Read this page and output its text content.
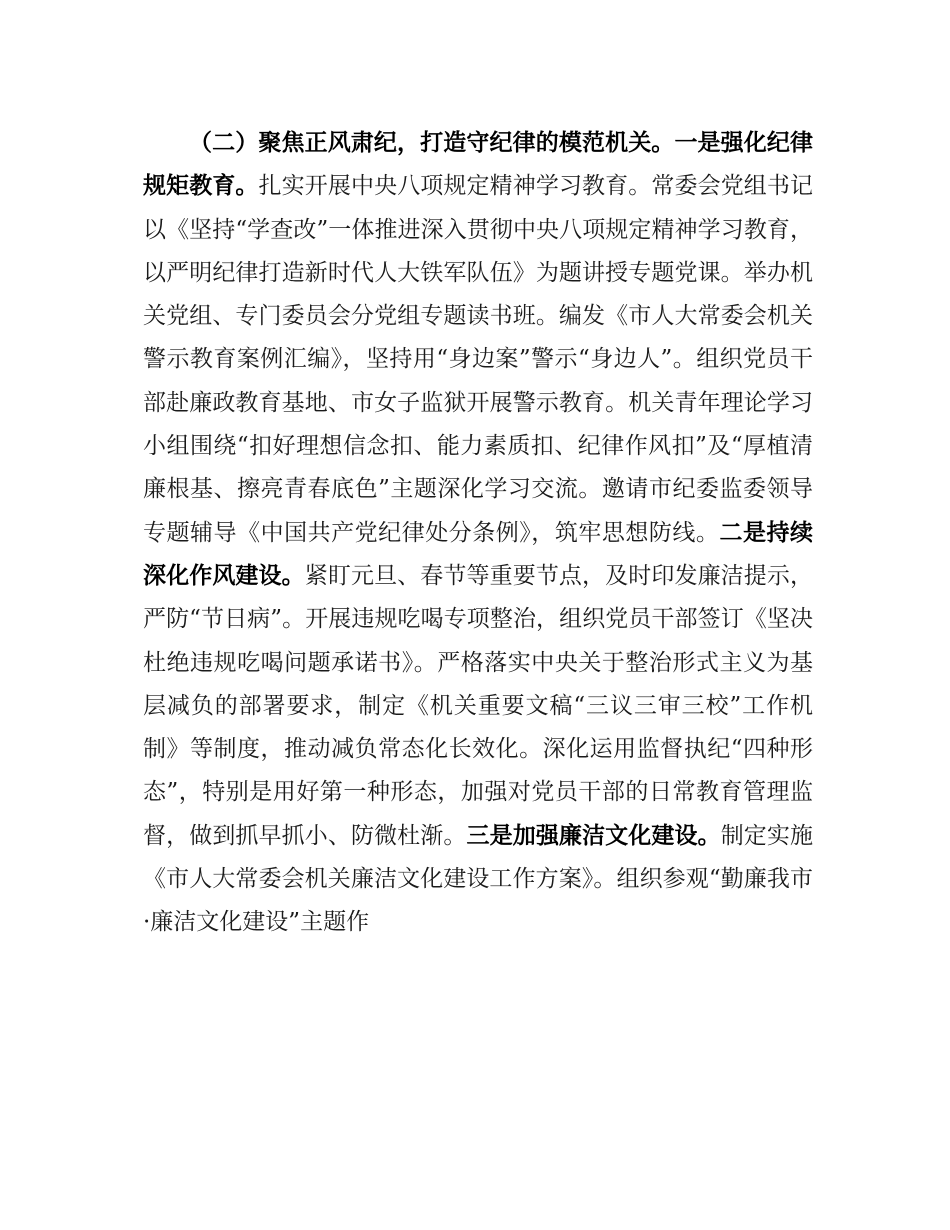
（二）聚焦正风肃纪，打造守纪律的模范机关。一是强化纪律规矩教育。扎实开展中央八项规定精神学习教育。常委会党组书记以《坚持“学查改”一体推进深入贯彻中央八项规定精神学习教育，以严明纪律打造新时代人大铁军队伍》为题讲授专题党课。举办机关党组、专门委员会分党组专题读书班。编发《市人大常委会机关警示教育案例汇编》，坚持用“身边案”警示“身边人”。组织党员干部赴廉政教育基地、市女子监狱开展警示教育。机关青年理论学习小组围绕“扣好理想信念扣、能力素质扣、纪律作风扣”及“厚植清廉根基、擦亮青春底色”主题深化学习交流。邀请市纪委监委领导专题辅导《中国共产党纪律处分条例》，筑牢思想防线。二是持续深化作风建设。紧盯元旦、春节等重要节点，及时印发廉洁提示，严防“节日病”。开展违规吃喝专项整治，组织党员干部签订《坚决杜绝违规吃喝问题承诺书》。严格落实中央关于整治形式主义为基层减负的部署要求，制定《机关重要文稿“三议三审三校”工作机制》等制度，推动减负常态化长效化。深化运用监督执纪“四种形态”，特别是用好第一种形态，加强对党员干部的日常教育管理监督，做到抓早抓小、防微杜渐。三是加强廉洁文化建设。制定实施《市人大常委会机关廉洁文化建设工作方案》。组织参观“勤廉我市·廉洁文化建设”主题作
